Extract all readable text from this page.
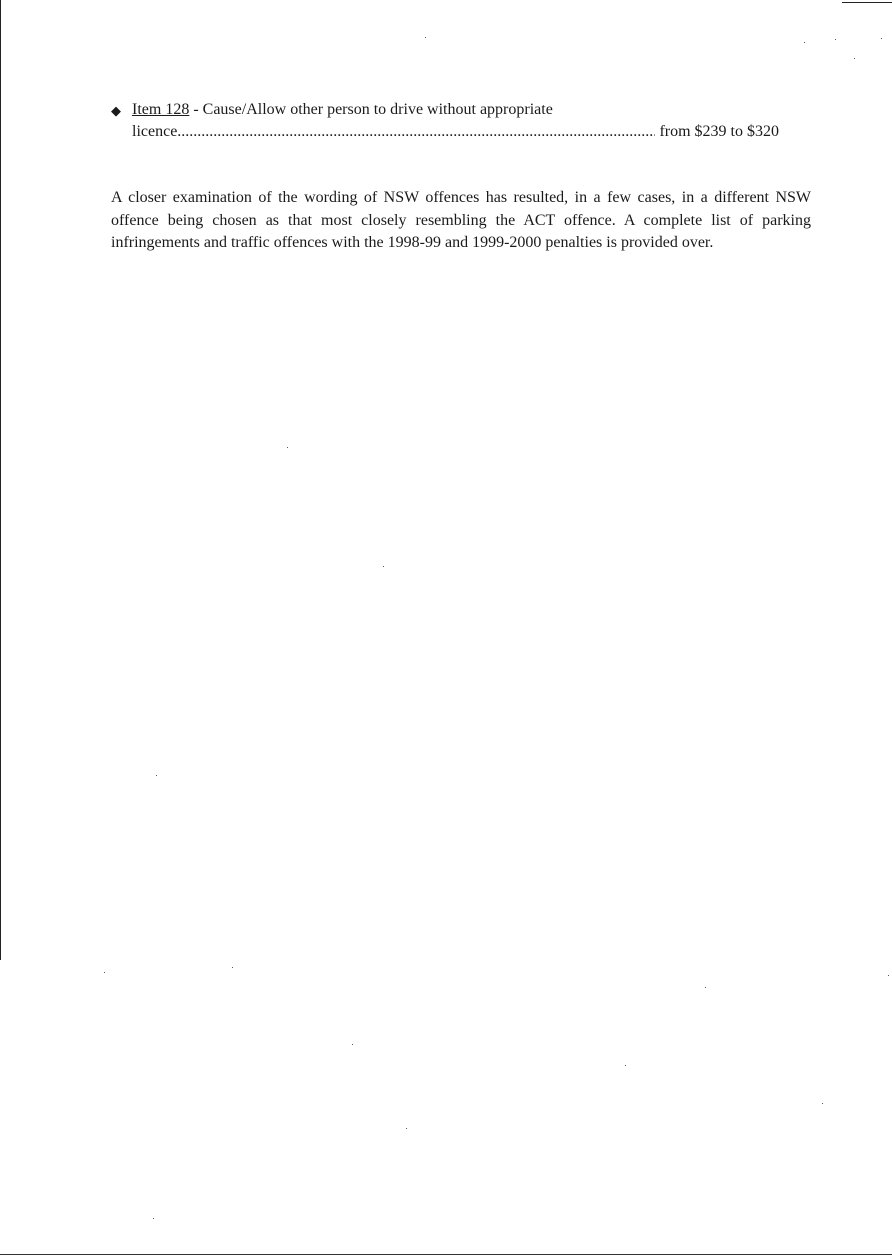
◆ Item 128 - Cause/Allow other person to drive without appropriate
licence
.....	from $239 to $320

A closer examination of the wording of NSW offences has resulted, in a few cases, in a different NSW offence being chosen as that most closely resembling the ACT offence. A complete list of parking infringements and traffic offences with the 1998-99 and 1999-2000 penalties is provided over.
